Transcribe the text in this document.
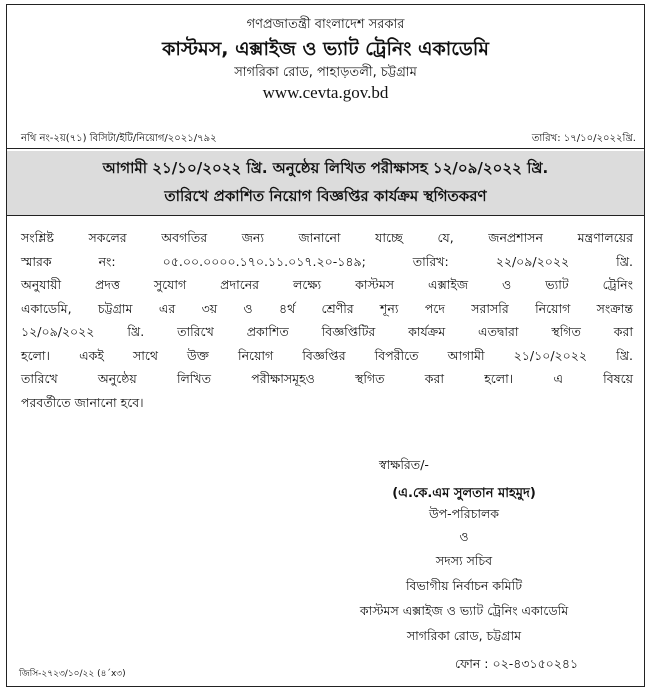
গণপ্রজাতন্ত্রী বাংলাদেশ সরকার
কাস্টমস, এক্সাইজ ও ভ্যাট ট্রেনিং একাডেমি
সাগরিকা রোড, পাহাড়তলী, চট্টগ্রাম
www.cevta.gov.bd
নথি নং-২য়(৭১) বিসিটা/ইটি/নিয়োগ/২০২১/৭৯২	তারিখ: ১৭/১০/২০২২খ্রি.
আগামী ২১/১০/২০২২ খ্রি. অনুষ্ঠেয় লিখিত পরীক্ষাসহ ১২/০৯/২০২২ খ্রি.
তারিখে প্রকাশিত নিয়োগ বিজ্ঞপ্তির কার্যক্রম স্থগিতকরণ
সংশ্লিষ্ট সকলের অবগতির জন্য জানানো যাচ্ছে যে, জনপ্রশাসন মন্ত্রণালয়ের
স্মারক নং: ০৫.০০.০০০০.১৭০.১১.০১৭.২০-১৪৯; তারিখ: ২২/০৯/২০২২ খ্রি.
অনুযায়ী প্রদত্ত সুযোগ প্রদানের লক্ষ্যে কাস্টমস এক্সাইজ ও ভ্যাট ট্রেনিং
একাডেমি, চট্টগ্রাম এর ৩য় ও ৪র্থ শ্রেণীর শূন্য পদে সরাসরি নিয়োগ সংক্রান্ত
১২/০৯/২০২২ খ্রি. তারিখে প্রকাশিত বিজ্ঞপ্তিটির কার্যক্রম এতদ্বারা স্থগিত করা
হলো। একই সাথে উক্ত নিয়োগ বিজ্ঞপ্তির বিপরীতে আগামী ২১/১০/২০২২ খ্রি.
তারিখে অনুষ্ঠেয় লিখিত পরীক্ষাসমূহও স্থগিত করা হলো। এ বিষয়ে
পরবর্তীতে জানানো হবে।
স্বাক্ষরিত/-
(এ.কে.এম সুলতান মাহমুদ)
উপ-পরিচালক
ও
সদস্য সচিব
বিভাগীয় নির্বাচন কমিটি
কাস্টমস এক্সাইজ ও ভ্যাট ট্রেনিং একাডেমি
সাগরিকা রোড, চট্টগ্রাম
ফোন : ০২-৪৩১৫০২৪১
জিসি-২৭২৩/১০/২২ (৪´x৩)
